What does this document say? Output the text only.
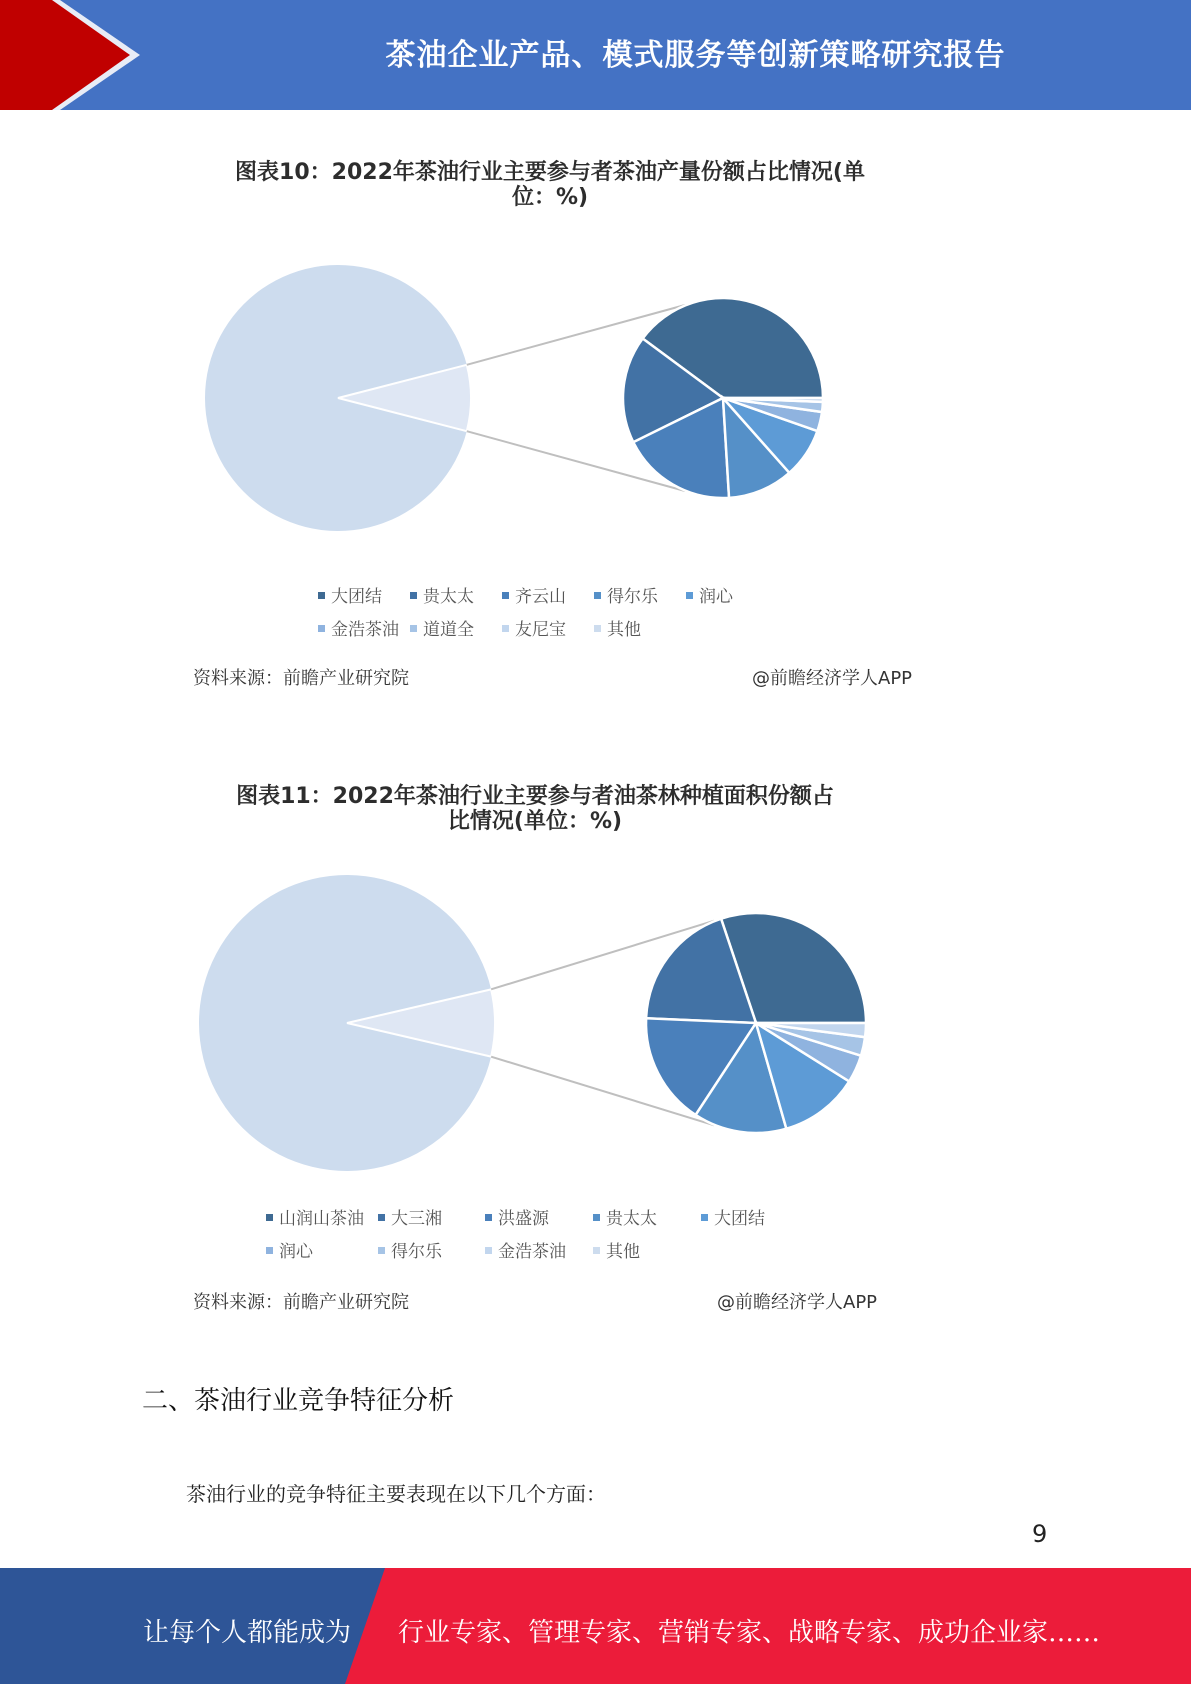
茶油企业产品、模式服务等创新策略研究报告
图表10：2022年茶油行业主要参与者茶油产量份额占比情况(单
位：%)
大团结	贵太太	齐云山	得尔乐	润心
金浩茶油	道道全	友尼宝	其他
资料来源：前瞻产业研究院	@前瞻经济学人APP
图表11：2022年茶油行业主要参与者油茶林种植面积份额占
比情况(单位：%)
山润山茶油	大三湘	洪盛源	贵太太	大团结
润心	得尔乐	金浩茶油	其他
资料来源：前瞻产业研究院	@前瞻经济学人APP
二、茶油行业竞争特征分析
茶油行业的竞争特征主要表现在以下几个方面：
9
让每个人都能成为 行业专家、管理专家、营销专家、战略专家、成功企业家……
